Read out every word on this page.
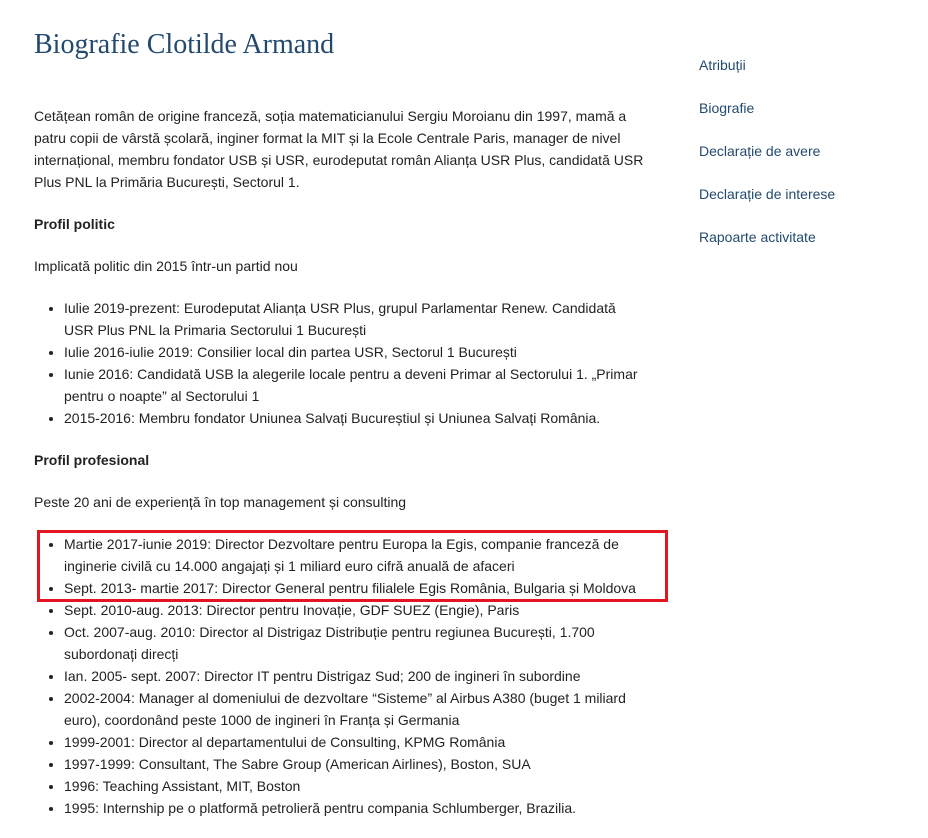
Biografie Clotilde Armand

Cetățean român de origine franceză, soția matematicianului Sergiu Moroianu din 1997, mamă a patru copii de vârstă școlară, inginer format la MIT și la Ecole Centrale Paris, manager de nivel internațional, membru fondator USB și USR, eurodeputat român Alianța USR Plus, candidată USR Plus PNL la Primăria București, Sectorul 1.

Profil politic

Implicată politic din 2015 într-un partid nou

• Iulie 2019-prezent: Eurodeputat Alianța USR Plus, grupul Parlamentar Renew. Candidată USR Plus PNL la Primaria Sectorului 1 București
• Iulie 2016-iulie 2019: Consilier local din partea USR, Sectorul 1 București
• Iunie 2016: Candidată USB la alegerile locale pentru a deveni Primar al Sectorului 1. „Primar pentru o noapte” al Sectorului 1
• 2015-2016: Membru fondator Uniunea Salvați Bucureștiul și Uniunea Salvați România.

Profil profesional

Peste 20 ani de experiență în top management și consulting

• Martie 2017-iunie 2019: Director Dezvoltare pentru Europa la Egis, companie franceză de inginerie civilă cu 14.000 angajați și 1 miliard euro cifră anuală de afaceri
• Sept. 2013- martie 2017: Director General pentru filialele Egis România, Bulgaria și Moldova
• Sept. 2010-aug. 2013: Director pentru Inovație, GDF SUEZ (Engie), Paris
• Oct. 2007-aug. 2010: Director al Distrigaz Distribuție pentru regiunea București, 1.700 subordonați direcți
• Ian. 2005- sept. 2007: Director IT pentru Distrigaz Sud; 200 de ingineri în subordine
• 2002-2004: Manager al domeniului de dezvoltare “Sisteme” al Airbus A380 (buget 1 miliard euro), coordonând peste 1000 de ingineri în Franța și Germania
• 1999-2001: Director al departamentului de Consulting, KPMG România
• 1997-1999: Consultant, The Sabre Group (American Airlines), Boston, SUA
• 1996: Teaching Assistant, MIT, Boston
• 1995: Internship pe o platformă petrolieră pentru compania Schlumberger, Brazilia.
Atribuții
Biografie
Declarație de avere
Declarație de interese
Rapoarte activitate
